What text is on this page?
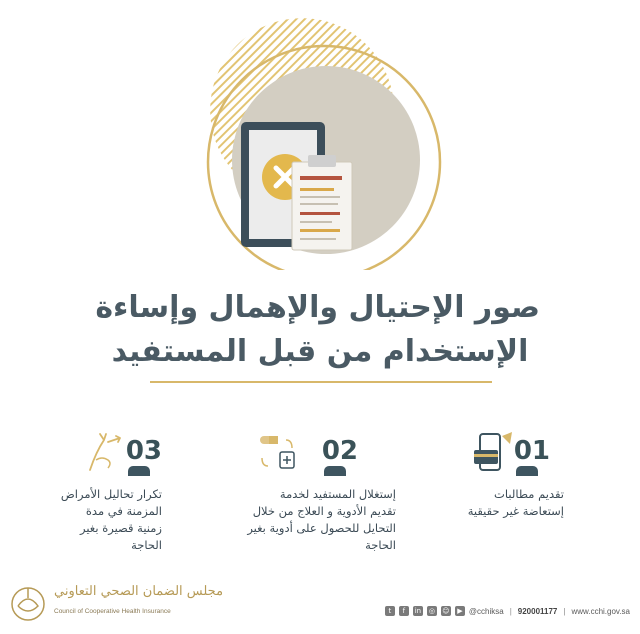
صور الإحتيال والإهمال وإساءة
الإستخدام من قبل المستفيد
01
تقديم مطالبات
إستعاضة غير حقيقية
02
إستغلال المستفيد لخدمة
تقديم الأدوية و العلاج من خلال
التحايل للحصول على أدوية بغير
الحاجة
03
تكرار تحاليل الأمراض
المزمنة في مدة
زمنية قصيرة بغير
الحاجة
مجلس الضمان الصحي التعاوني
Council of Cooperative Health Insurance	t	f	in ◎ ☺	▶ @cchiksa | 920001177 | www.cchi.gov.sa
